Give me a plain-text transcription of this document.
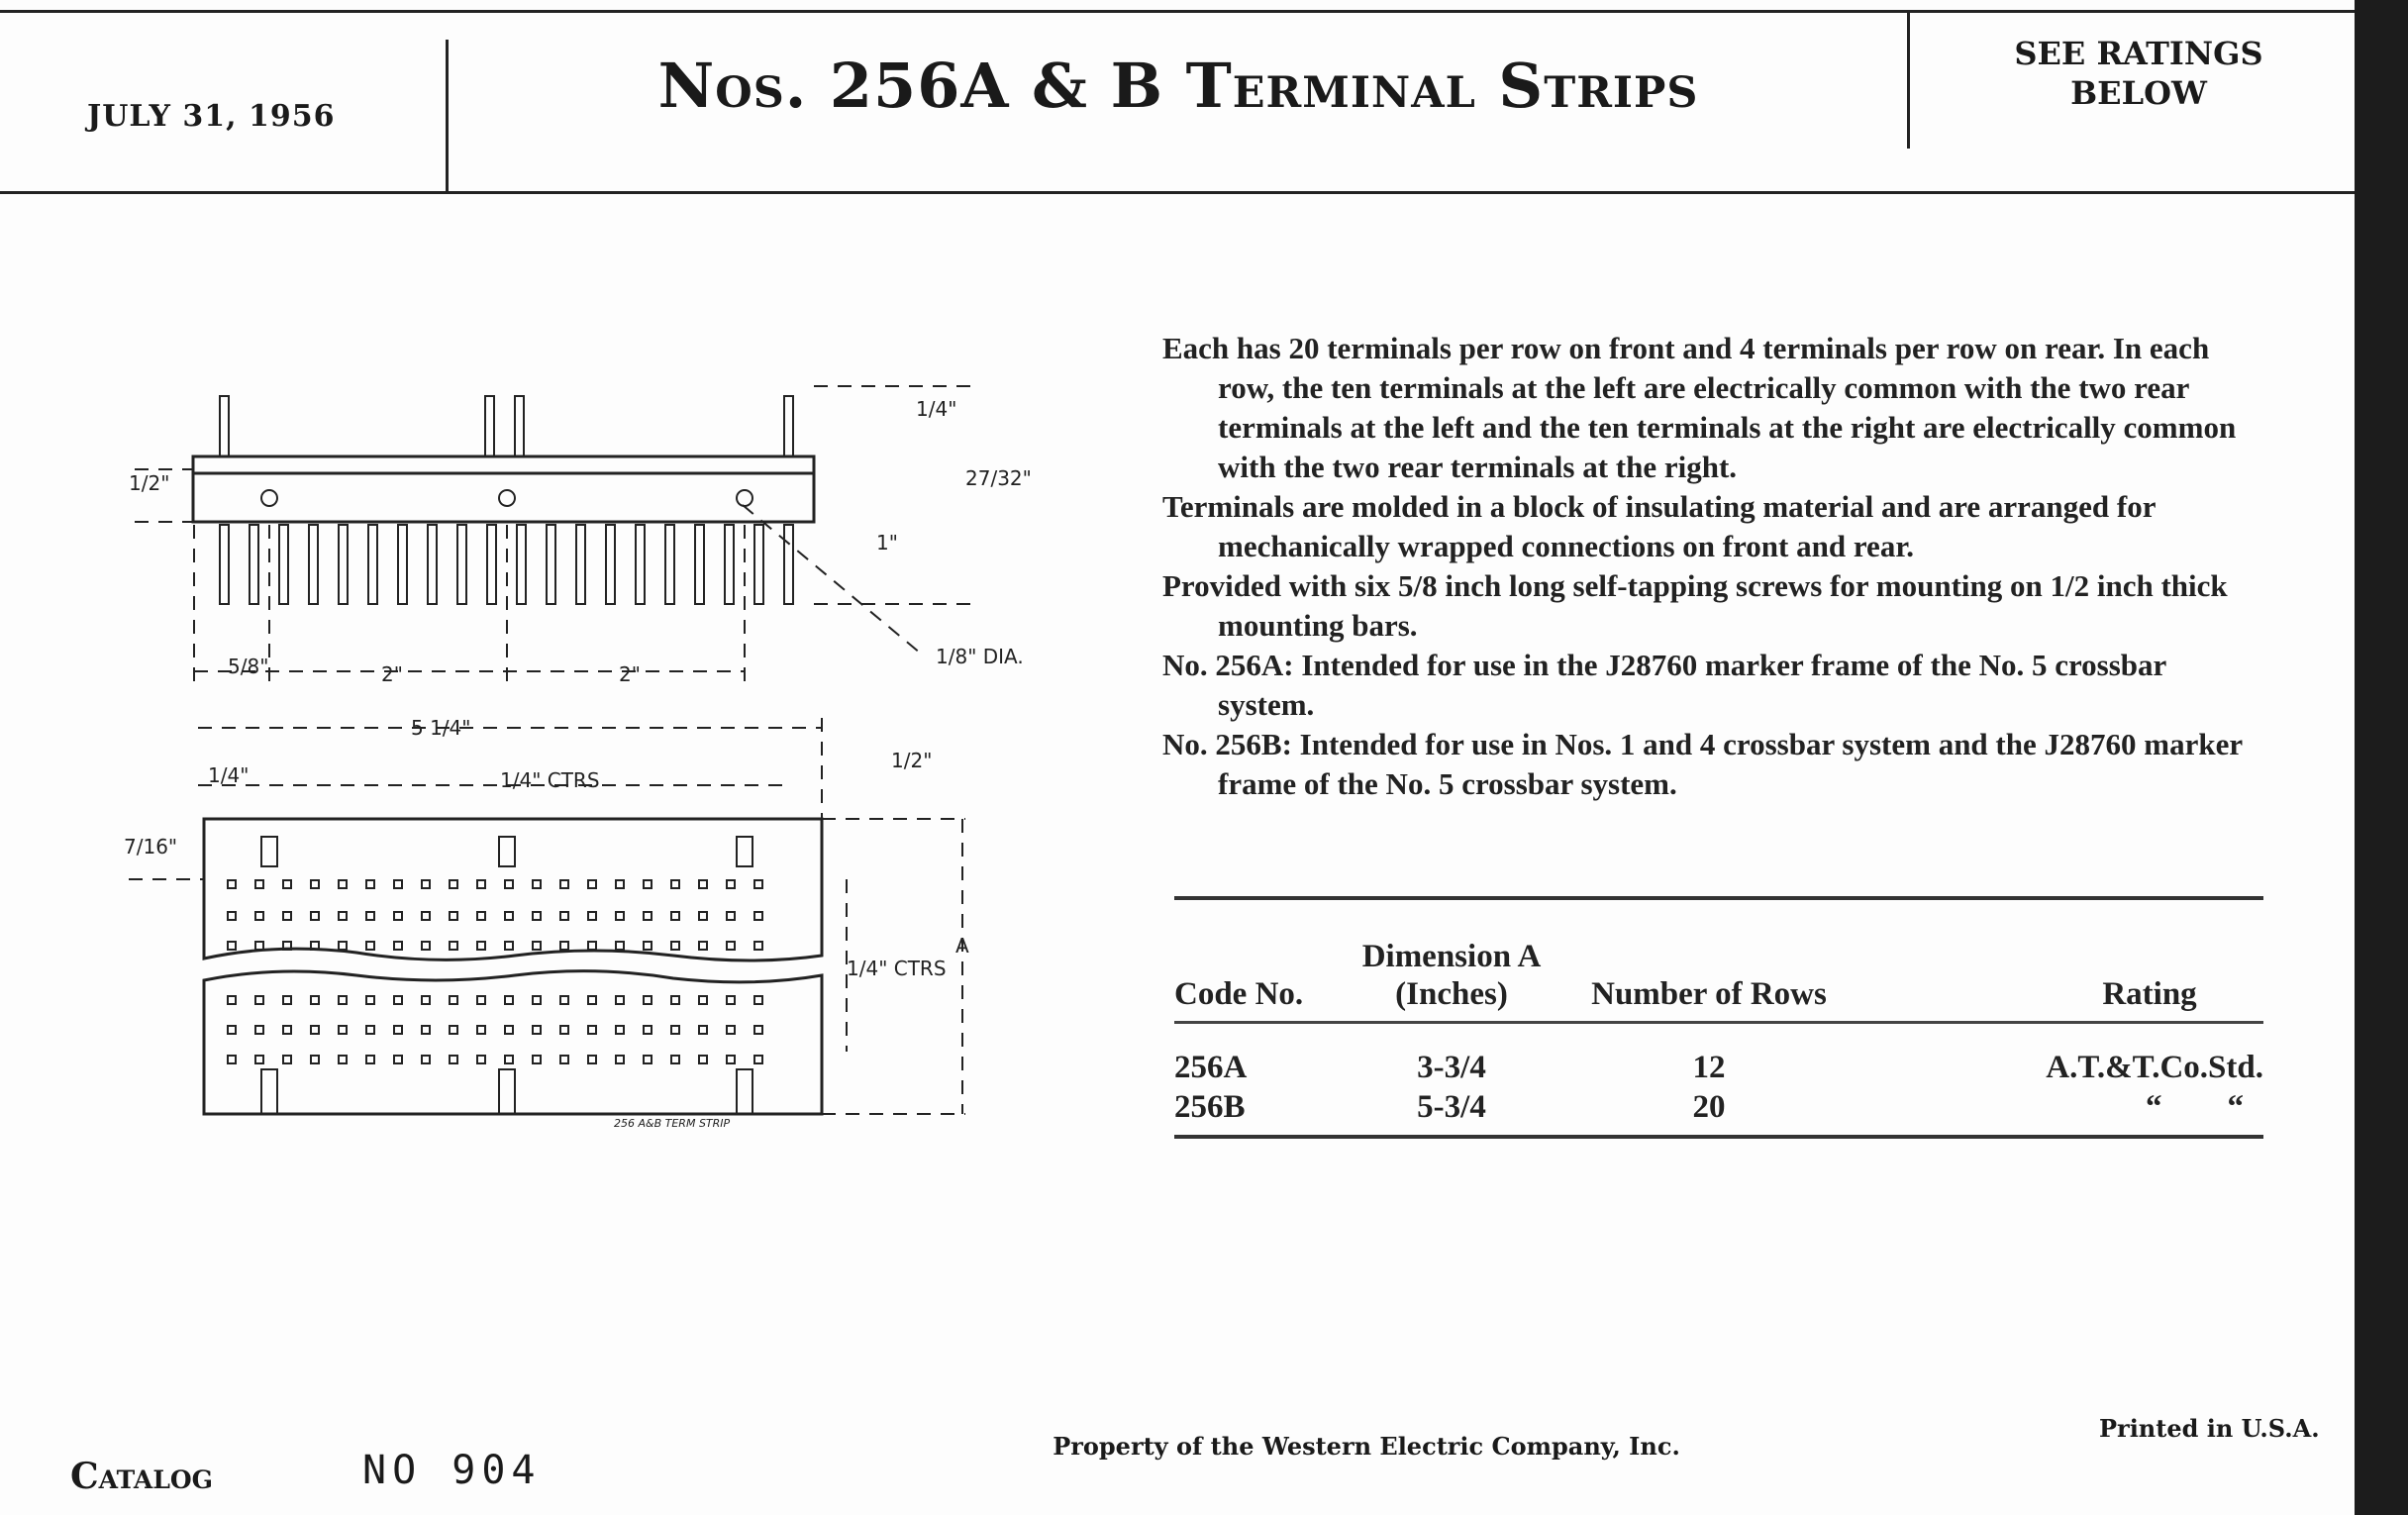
JULY 31, 1956	Nos. 256A & B Terminal Strips	SEE RATINGS
BELOW

Each has 20 terminals per row on front and 4 terminals per row on rear. In each row, the ten terminals at the left are electrically common with the two rear terminals at the left and the ten terminals at the right are electrically common with the two rear terminals at the right.

Terminals are molded in a block of insulating material and are arranged for mechanically wrapped connections on front and rear.

Provided with six 5/8 inch long self-tapping screws for mounting on 1/2 inch thick mounting bars.

No. 256A: Intended for use in the J28760 marker frame of the No. 5 crossbar system.

No. 256B: Intended for use in Nos. 1 and 4 crossbar system and the J28760 marker frame of the No. 5 crossbar system.

Code No.	Dimension A (Inches)	Number of Rows	Rating
256A	3-3/4	12	A.T.&T.Co.Std.
256B	5-3/4	20	“        “
1/2"
1/4"
27/32"
1"
5/8"	2"	2"
1/8" DIA.
5 1/4"
1/4"	1/4" CTRS
1/2"
7/16"
1/4" CTRS
A
256 A&B TERM STRIP
Catalog	NO 904
Property of the Western Electric Company, Inc.
Printed in U.S.A.
